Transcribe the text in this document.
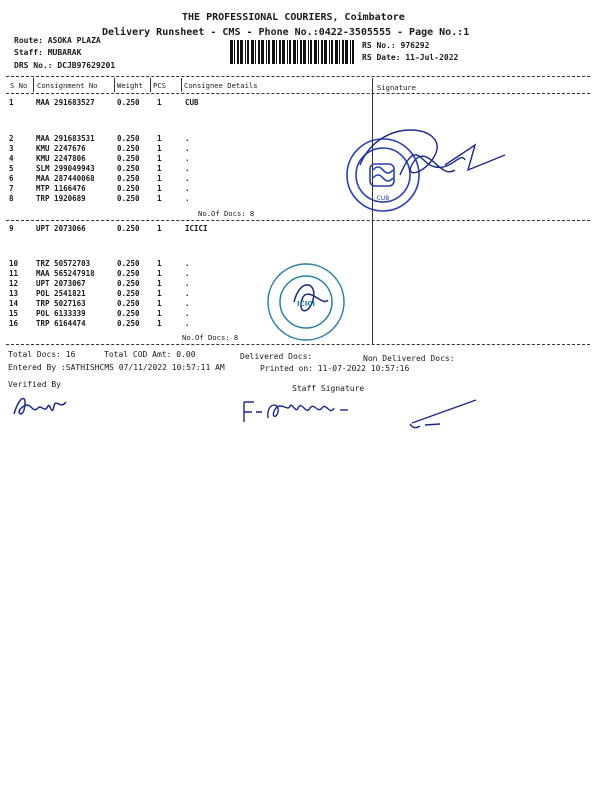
THE PROFESSIONAL COURIERS, Coimbatore
Delivery Runsheet - CMS - Phone No.:0422-3505555 - Page No.:1
Route: ASOKA PLAZA
Staff: MUBARAK
DRS No.: DCJB97629201
RS No.: 976292
RS Date: 11-Jul-2022
S No Consignment No	Weight PCS	Consignee Details	Signature
1	MAA 291683527	0.250 1	CUB
2	MAA 291683531	0.250 1	.
3	KMU 2247676	0.250 1	.
4	KMU 2247806	0.250 1	.
5	SLM 299049943	0.250 1	.
6	MAA 287440068	0.250 1	.
7	MTP 1166476	0.250 1	.
8	TRP 1920689	0.250 1	.
No.Of Docs: 8
9	UPT 2073066	0.250 1	ICICI
10 TRZ 50572703	0.250 1	.
11 MAA 565247918	0.250 1	.
12 UPT 2073067	0.250 1	.
13 POL 2541821	0.250 1	.
14 TRP 5027163	0.250 1	.
15 POL 6133339	0.250 1	.
16 TRP 6164474	0.250 1	.
No.Of Docs: 8
Total Docs: 16	Total COD Amt: 0.00	Delivered Docs:	Non Delivered Docs:
Entered By :SATHISHCMS 07/11/2022 10:57:11 AM	Printed on: 11-07-2022 10:57:16
Verified By	Staff Signature
CUB
ICICI
